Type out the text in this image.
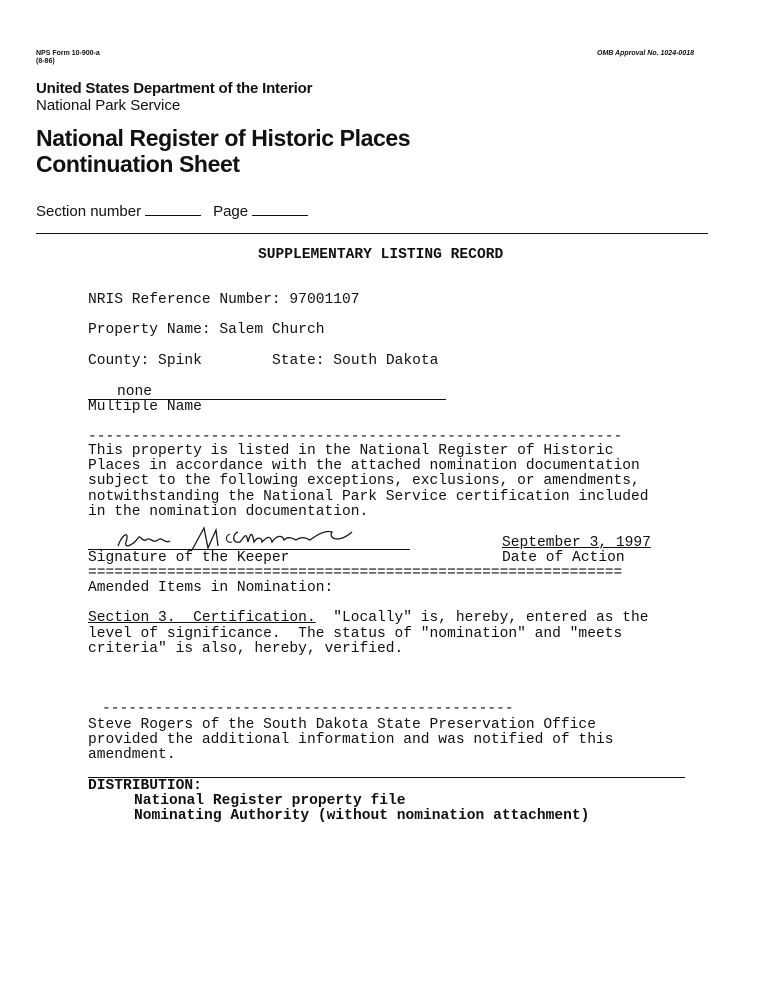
NPS Form 10-900-a
(8-86)
OMB Approval No. 1024-0018
United States Department of the Interior
National Park Service
National Register of Historic Places
Continuation Sheet
Section number	Page
SUPPLEMENTARY LISTING RECORD
NRIS Reference Number: 97001107
Property Name: Salem Church
County: Spink	State: South Dakota
none
Multiple Name
-------------------------------------------------------------
This property is listed in the National Register of Historic
Places in accordance with the attached nomination documentation
subject to the following exceptions, exclusions, or amendments,
notwithstanding the National Park Service certification included
in the nomination documentation.
Signature of the Keeper
September 3, 1997
Date of Action
=============================================================
Amended Items in Nomination:
Section 3.  Certification.  "Locally" is, hereby, entered as the
level of significance.  The status of "nomination" and "meets
criteria" is also, hereby, verified.
-----------------------------------------------
Steve Rogers of the South Dakota State Preservation Office
provided the additional information and was notified of this
amendment.
DISTRIBUTION:
National Register property file
Nominating Authority (without nomination attachment)
